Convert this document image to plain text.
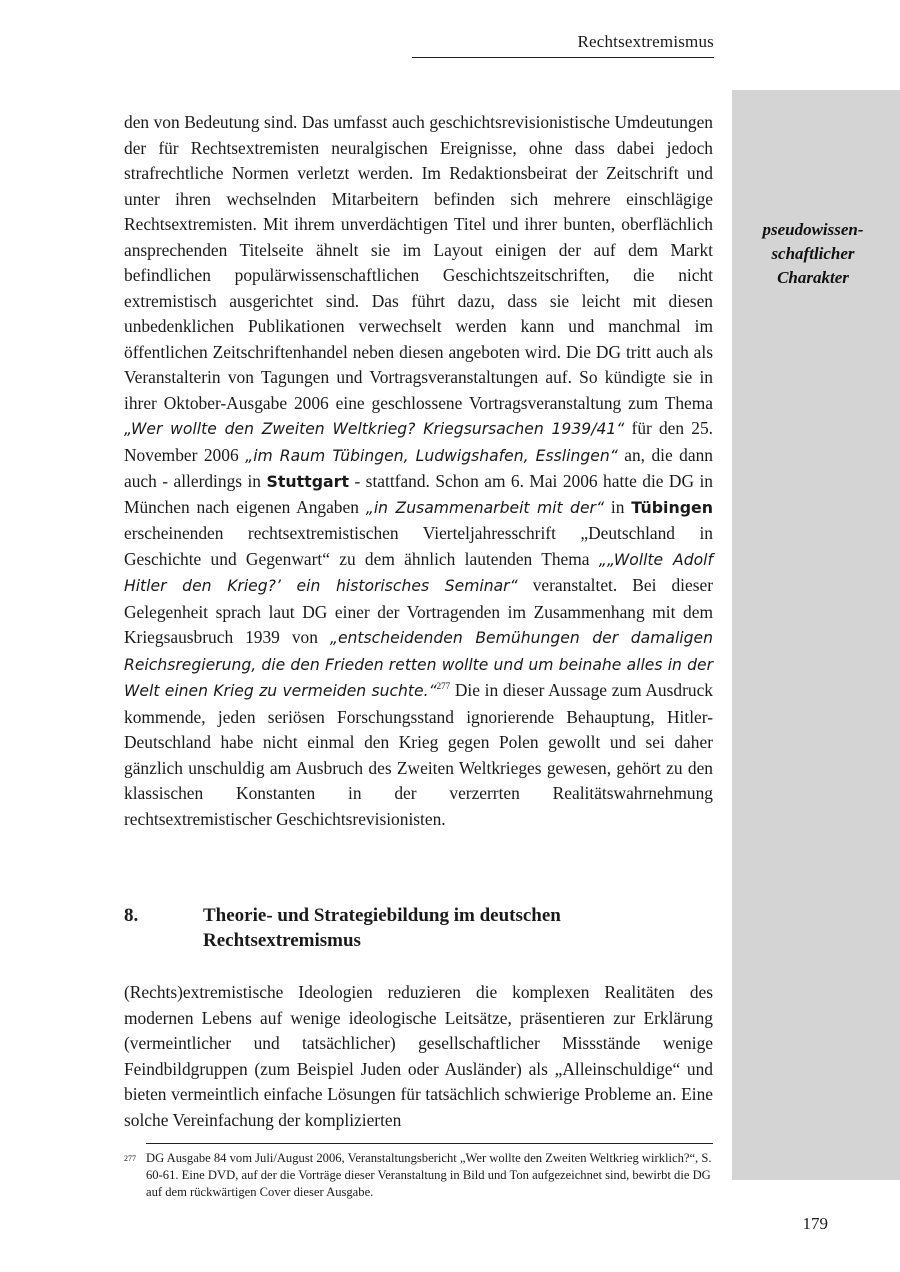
Rechtsextremismus
pseudowissen-
schaftlicher
Charakter
den von Bedeutung sind. Das umfasst auch geschichtsrevisionistische Umdeutungen der für Rechtsextremisten neuralgischen Ereignisse, ohne dass dabei jedoch strafrechtliche Normen verletzt werden. Im Redaktionsbeirat der Zeitschrift und unter ihren wechselnden Mitarbeitern befinden sich mehrere einschlägige Rechtsextremisten. Mit ihrem unverdächtigen Titel und ihrer bunten, oberflächlich ansprechenden Titelseite ähnelt sie im Layout einigen der auf dem Markt befindlichen populärwissenschaftlichen Geschichtszeitschriften, die nicht extremistisch ausgerichtet sind. Das führt dazu, dass sie leicht mit diesen unbedenklichen Publikationen verwechselt werden kann und manchmal im öffentlichen Zeitschriftenhandel neben diesen angeboten wird. Die DG tritt auch als Veranstalterin von Tagungen und Vortragsveranstaltungen auf. So kündigte sie in ihrer Oktober-Ausgabe 2006 eine geschlossene Vortragsveranstaltung zum Thema „Wer wollte den Zweiten Weltkrieg? Kriegsursachen 1939/41“ für den 25. November 2006 „im Raum Tübingen, Ludwigshafen, Esslingen“ an, die dann auch - allerdings in Stuttgart - stattfand. Schon am 6. Mai 2006 hatte die DG in München nach eigenen Angaben „in Zusammenarbeit mit der“ in Tübingen erscheinenden rechtsextremistischen Vierteljahresschrift „Deutschland in Geschichte und Gegenwart“ zu dem ähnlich lautenden Thema „„Wollte Adolf Hitler den Krieg?’ ein historisches Seminar“ veranstaltet. Bei dieser Gelegenheit sprach laut DG einer der Vortragenden im Zusammenhang mit dem Kriegsausbruch 1939 von „entscheidenden Bemühungen der damaligen Reichsregierung, die den Frieden retten wollte und um beinahe alles in der Welt einen Krieg zu vermeiden suchte.“$^{277}$ Die in dieser Aussage zum Ausdruck kommende, jeden seriösen Forschungsstand ignorierende Behauptung, Hitler-Deutschland habe nicht einmal den Krieg gegen Polen gewollt und sei daher gänzlich unschuldig am Ausbruch des Zweiten Weltkrieges gewesen, gehört zu den klassischen Konstanten in der verzerrten Realitätswahrnehmung rechtsextremistischer Geschichtsrevisionisten.
8.	Theorie- und Strategiebildung im deutschen Rechtsextremismus
(Rechts)extremistische Ideologien reduzieren die komplexen Realitäten des modernen Lebens auf wenige ideologische Leitsätze, präsentieren zur Erklärung (vermeintlicher und tatsächlicher) gesellschaftlicher Missstände wenige Feindbildgruppen (zum Beispiel Juden oder Ausländer) als „Alleinschuldige“ und bieten vermeintlich einfache Lösungen für tatsächlich schwierige Probleme an. Eine solche Vereinfachung der komplizierten
277 DG Ausgabe 84 vom Juli/August 2006, Veranstaltungsbericht „Wer wollte den Zweiten Weltkrieg wirklich?“, S. 60-61. Eine DVD, auf der die Vorträge dieser Veranstaltung in Bild und Ton aufgezeichnet sind, bewirbt die DG auf dem rückwärtigen Cover dieser Ausgabe.
179
